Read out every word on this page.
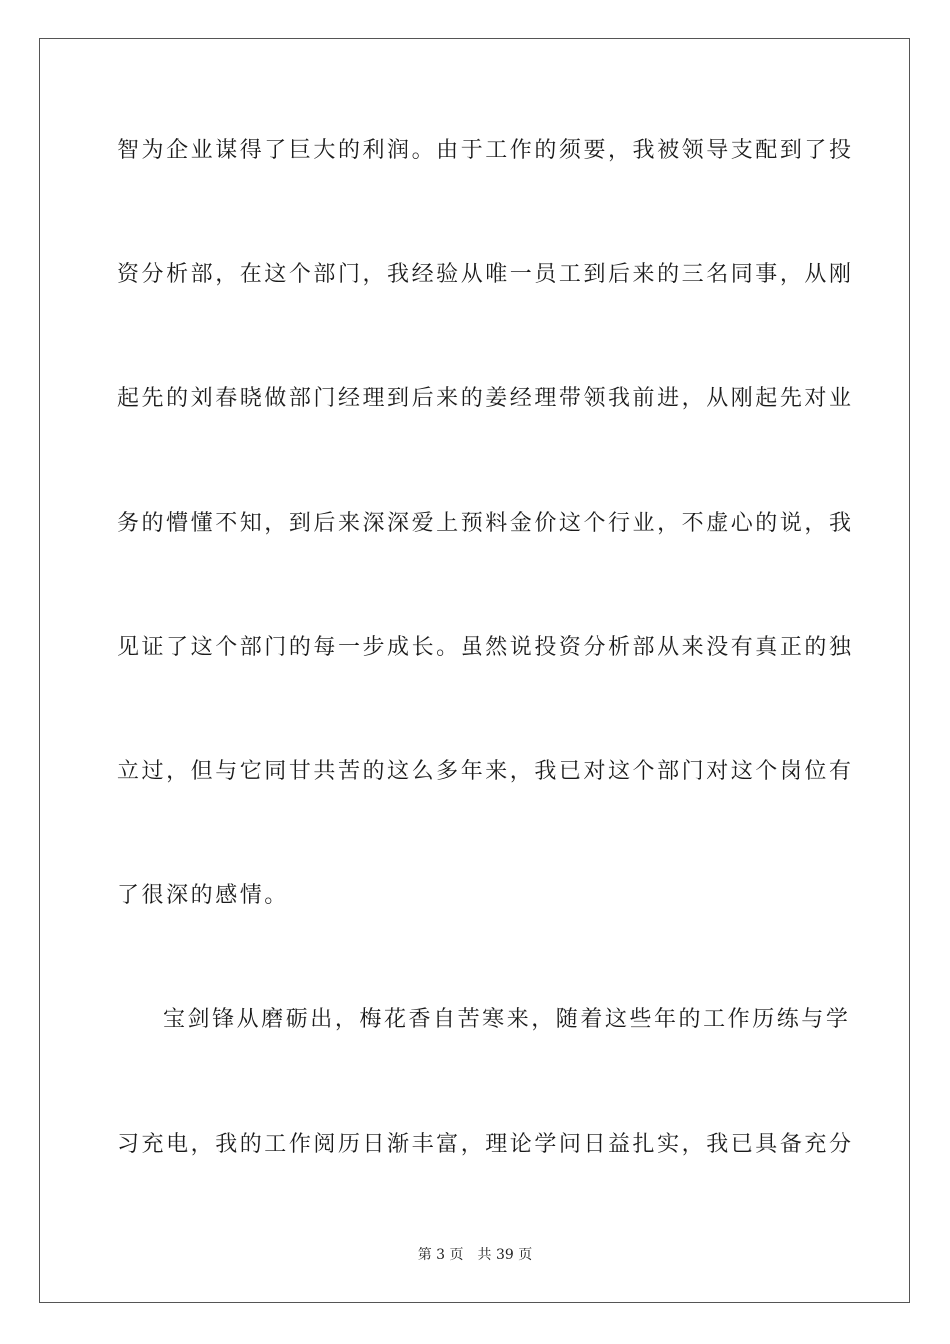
智为企业谋得了巨大的利润。由于工作的须要，我被领导支配到了投
资分析部，在这个部门，我经验从唯一员工到后来的三名同事，从刚
起先的刘春晓做部门经理到后来的姜经理带领我前进，从刚起先对业
务的懵懂不知，到后来深深爱上预料金价这个行业，不虚心的说，我
见证了这个部门的每一步成长。虽然说投资分析部从来没有真正的独
立过，但与它同甘共苦的这么多年来，我已对这个部门对这个岗位有
了很深的感情。
宝剑锋从磨砺出，梅花香自苦寒来，随着这些年的工作历练与学
习充电，我的工作阅历日渐丰富，理论学问日益扎实，我已具备充分
第 3 页 共 39 页
